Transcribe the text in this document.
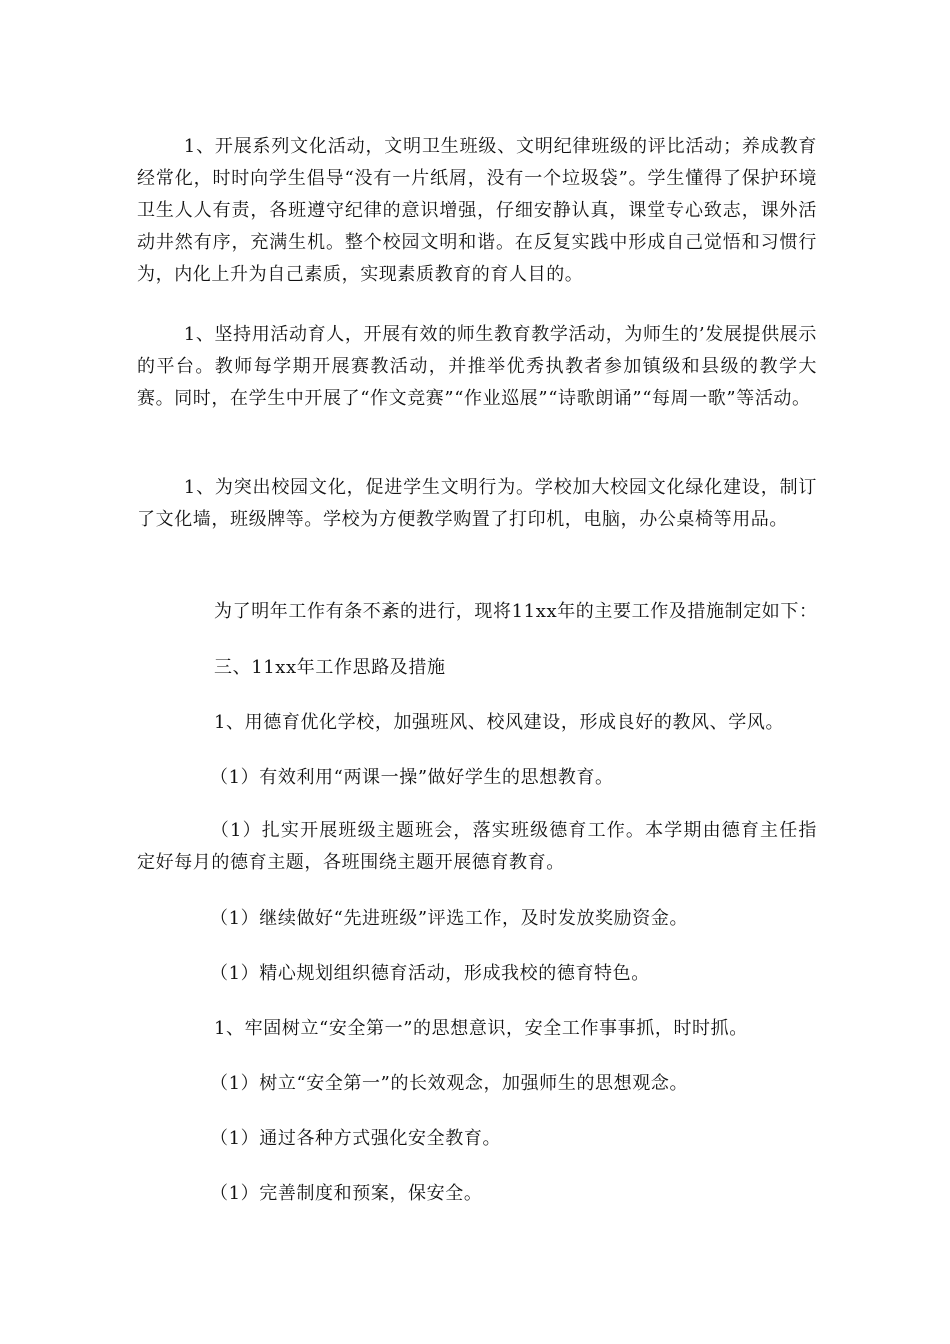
1、开展系列文化活动，文明卫生班级、文明纪律班级的评比活动；养成教育经常化，时时向学生倡导“没有一片纸屑，没有一个垃圾袋”。学生懂得了保护环境卫生人人有责，各班遵守纪律的意识增强，仔细安静认真，课堂专心致志，课外活动井然有序，充满生机。整个校园文明和谐。在反复实践中形成自己觉悟和习惯行为，内化上升为自己素质，实现素质教育的育人目的。

1、坚持用活动育人，开展有效的师生教育教学活动，为师生的’发展提供展示的平台。教师每学期开展赛教活动，并推举优秀执教者参加镇级和县级的教学大赛。同时，在学生中开展了“作文竞赛”“作业巡展”“诗歌朗诵”“每周一歌”等活动。

1、为突出校园文化，促进学生文明行为。学校加大校园文化绿化建设，制订了文化墙，班级牌等。学校为方便教学购置了打印机，电脑，办公桌椅等用品。

为了明年工作有条不紊的进行，现将11xx年的主要工作及措施制定如下：

三、11xx年工作思路及措施

1、用德育优化学校，加强班风、校风建设，形成良好的教风、学风。

（1）有效利用“两课一操”做好学生的思想教育。

（1）扎实开展班级主题班会，落实班级德育工作。本学期由德育主任指定好每月的德育主题，各班围绕主题开展德育教育。

（1）继续做好“先进班级”评选工作，及时发放奖励资金。

（1）精心规划组织德育活动，形成我校的德育特色。

1、牢固树立“安全第一”的思想意识，安全工作事事抓，时时抓。

（1）树立“安全第一”的长效观念，加强师生的思想观念。

（1）通过各种方式强化安全教育。

（1）完善制度和预案，保安全。
